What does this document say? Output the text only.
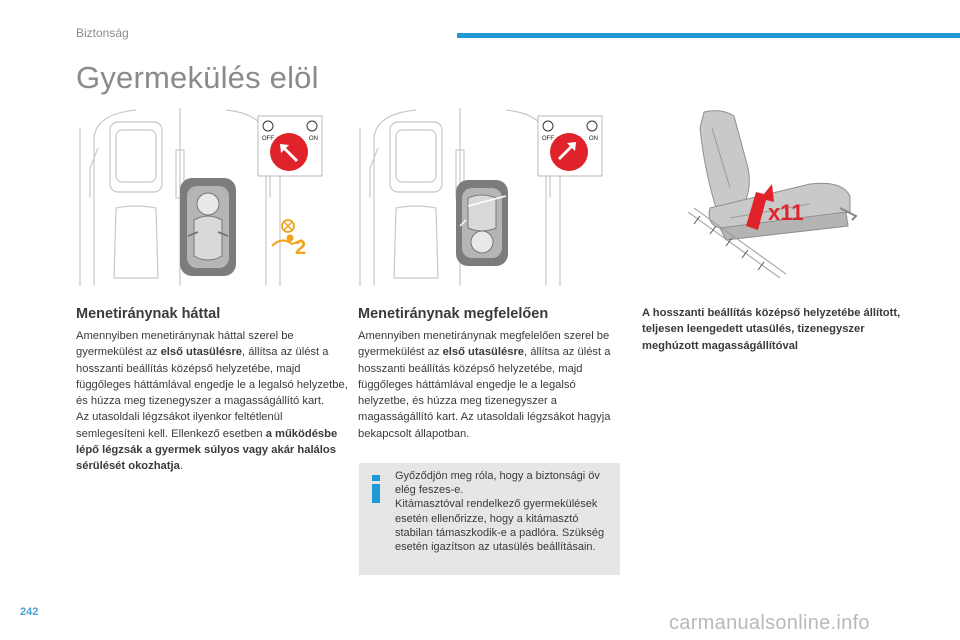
Biztonság
Gyermekülés elöl
OFF	ON
2
OFF	ON
x11
Menetiránynak háttal

Amennyiben menetiránynak háttal szerel be gyermekülést az első utasülésre, állítsa az ülést a hosszanti beállítás középső helyzetébe, majd függőleges háttámlával engedje le a legalsó helyzetbe, és húzza meg tizenegyszer a magasságállító kart.
Az utasoldali légzsákot ilyenkor feltétlenül semlegesíteni kell. Ellenkező esetben a működésbe lépő légzsák a gyermek súlyos vagy akár halálos sérülését okozhatja.

Menetiránynak megfelelően

Amennyiben menetiránynak megfelelően szerel be gyermekülést az első utasülésre, állítsa az ülést a hosszanti beállítás középső helyzetébe, majd függőleges háttámlával engedje le a legalsó helyzetbe, és húzza meg tizenegyszer a magasságállító kart. Az utasoldali légzsákot hagyja bekapcsolt állapotban.

A hosszanti beállítás középső helyzetébe állított, teljesen leengedett utasülés, tizenegyszer meghúzott magasságállítóval

Győződjön meg róla, hogy a biztonsági öv elég feszes-e.
Kitámasztóval rendelkező gyermekülések esetén ellenőrizze, hogy a kitámasztó stabilan támaszkodik-e a padlóra. Szükség esetén igazítson az utasülés beállításain.

242	carmanualsonline.info
